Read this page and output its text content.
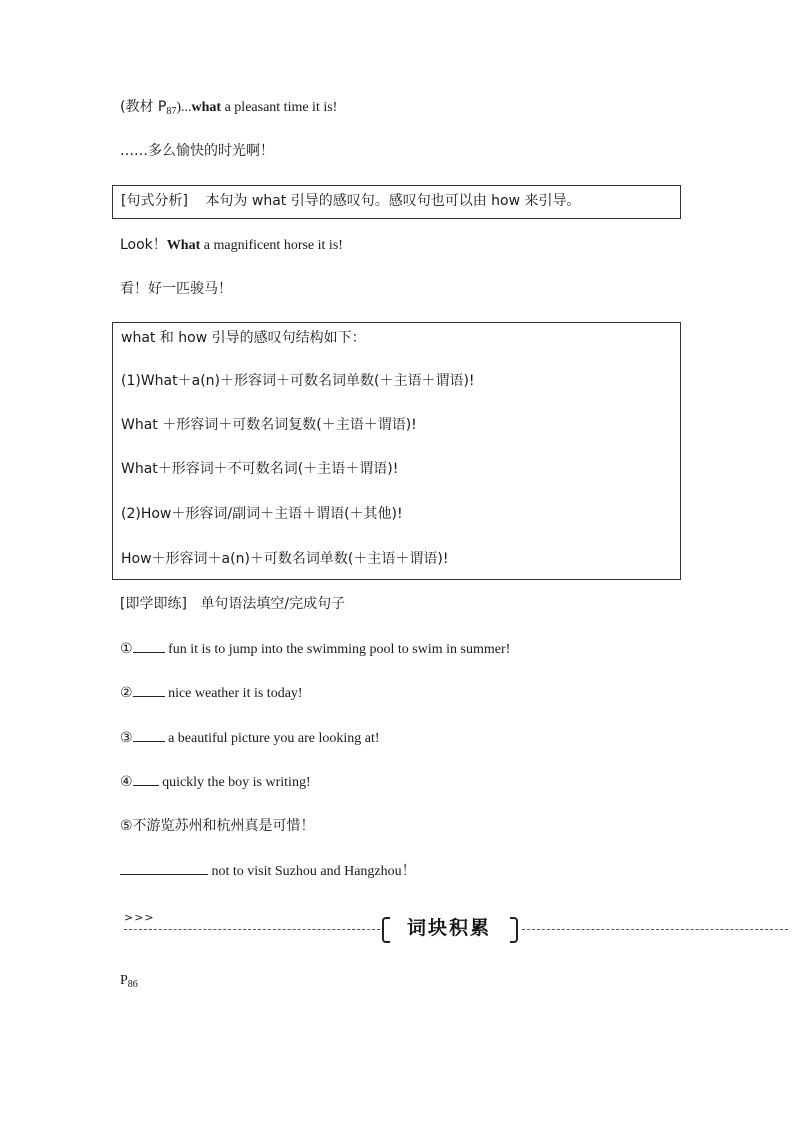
(教材 $P_{87})...what$ a pleasant time it is!
……多么愉快的时光啊！
[句式分析] 本句为 what 引导的感叹句。感叹句也可以由 how 来引导。
Look！What a magnificent horse it is!
看！好一匹骏马！
what 和 how 引导的感叹句结构如下：
(1)What＋a(n)＋形容词＋可数名词单数(＋主语＋谓语)!
What ＋形容词＋可数名词复数(＋主语＋谓语)!
What＋形容词＋不可数名词(＋主语＋谓语)!
(2)How＋形容词/副词＋主语＋谓语(＋其他)!
How＋形容词＋a(n)＋可数名词单数(＋主语＋谓语)!
[即学即练] 单句语法填空/完成句子
① fun it is to jump into the swimming pool to swim in summer!
② nice weather it is today!
③ a beautiful picture you are looking at!
④ quickly the boy is writing!
⑤不游览苏州和杭州真是可惜！
not to visit Suzhou and Hangzhou！
>>>	词块积累
$P_{86}$
